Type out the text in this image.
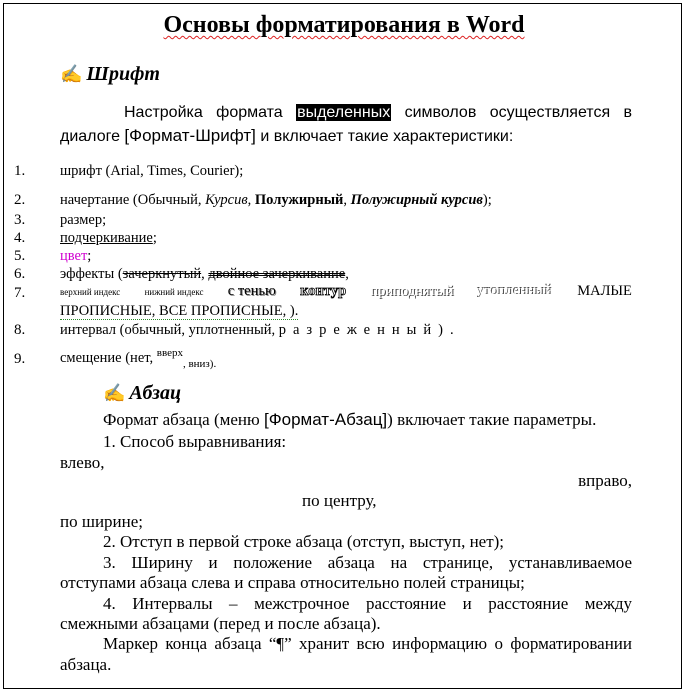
Основы форматирования в Word
✍ Шрифт
Настройка формата выделенных символов осуществляется в
диалоге [Формат-Шрифт] и включает такие характеристики:
1. шрифт (Arial, Times, Courier);
2. начертание (Обычный, Курсив, Полужирный, Полужирный курсив);
3. размер;
4. подчеркивание;
5. цвет;
6. эффекты (зачеркнутый, двойное зачеркивание,
7.	верхний индекс	нижний индекс с тенью контур приподнятый утопленный МАЛЫЕ
ПРОПИСНЫЕ, ВСЕ ПРОПИСНЫЕ, ).
8. интервал (обычный, уплотненный, разреженный).
9. смещение (нет, $^{вверх}_{, вниз).}$
✍ Абзац
Формат абзаца (меню [Формат-Абзац]) включает такие параметры.
1. Способ выравнивания:
влево,
вправо,
по центру,
по ширине;
2. Отступ в первой строке абзаца (отступ, выступ, нет);
3. Ширину и положение абзаца на странице, устанавливаемое
отступами абзаца слева и справа относительно полей страницы;
4. Интервалы – межстрочное расстояние и расстояние между
смежными абзацами (перед и после абзаца).
Маркер конца абзаца “¶” хранит всю информацию о форматировании
абзаца.
